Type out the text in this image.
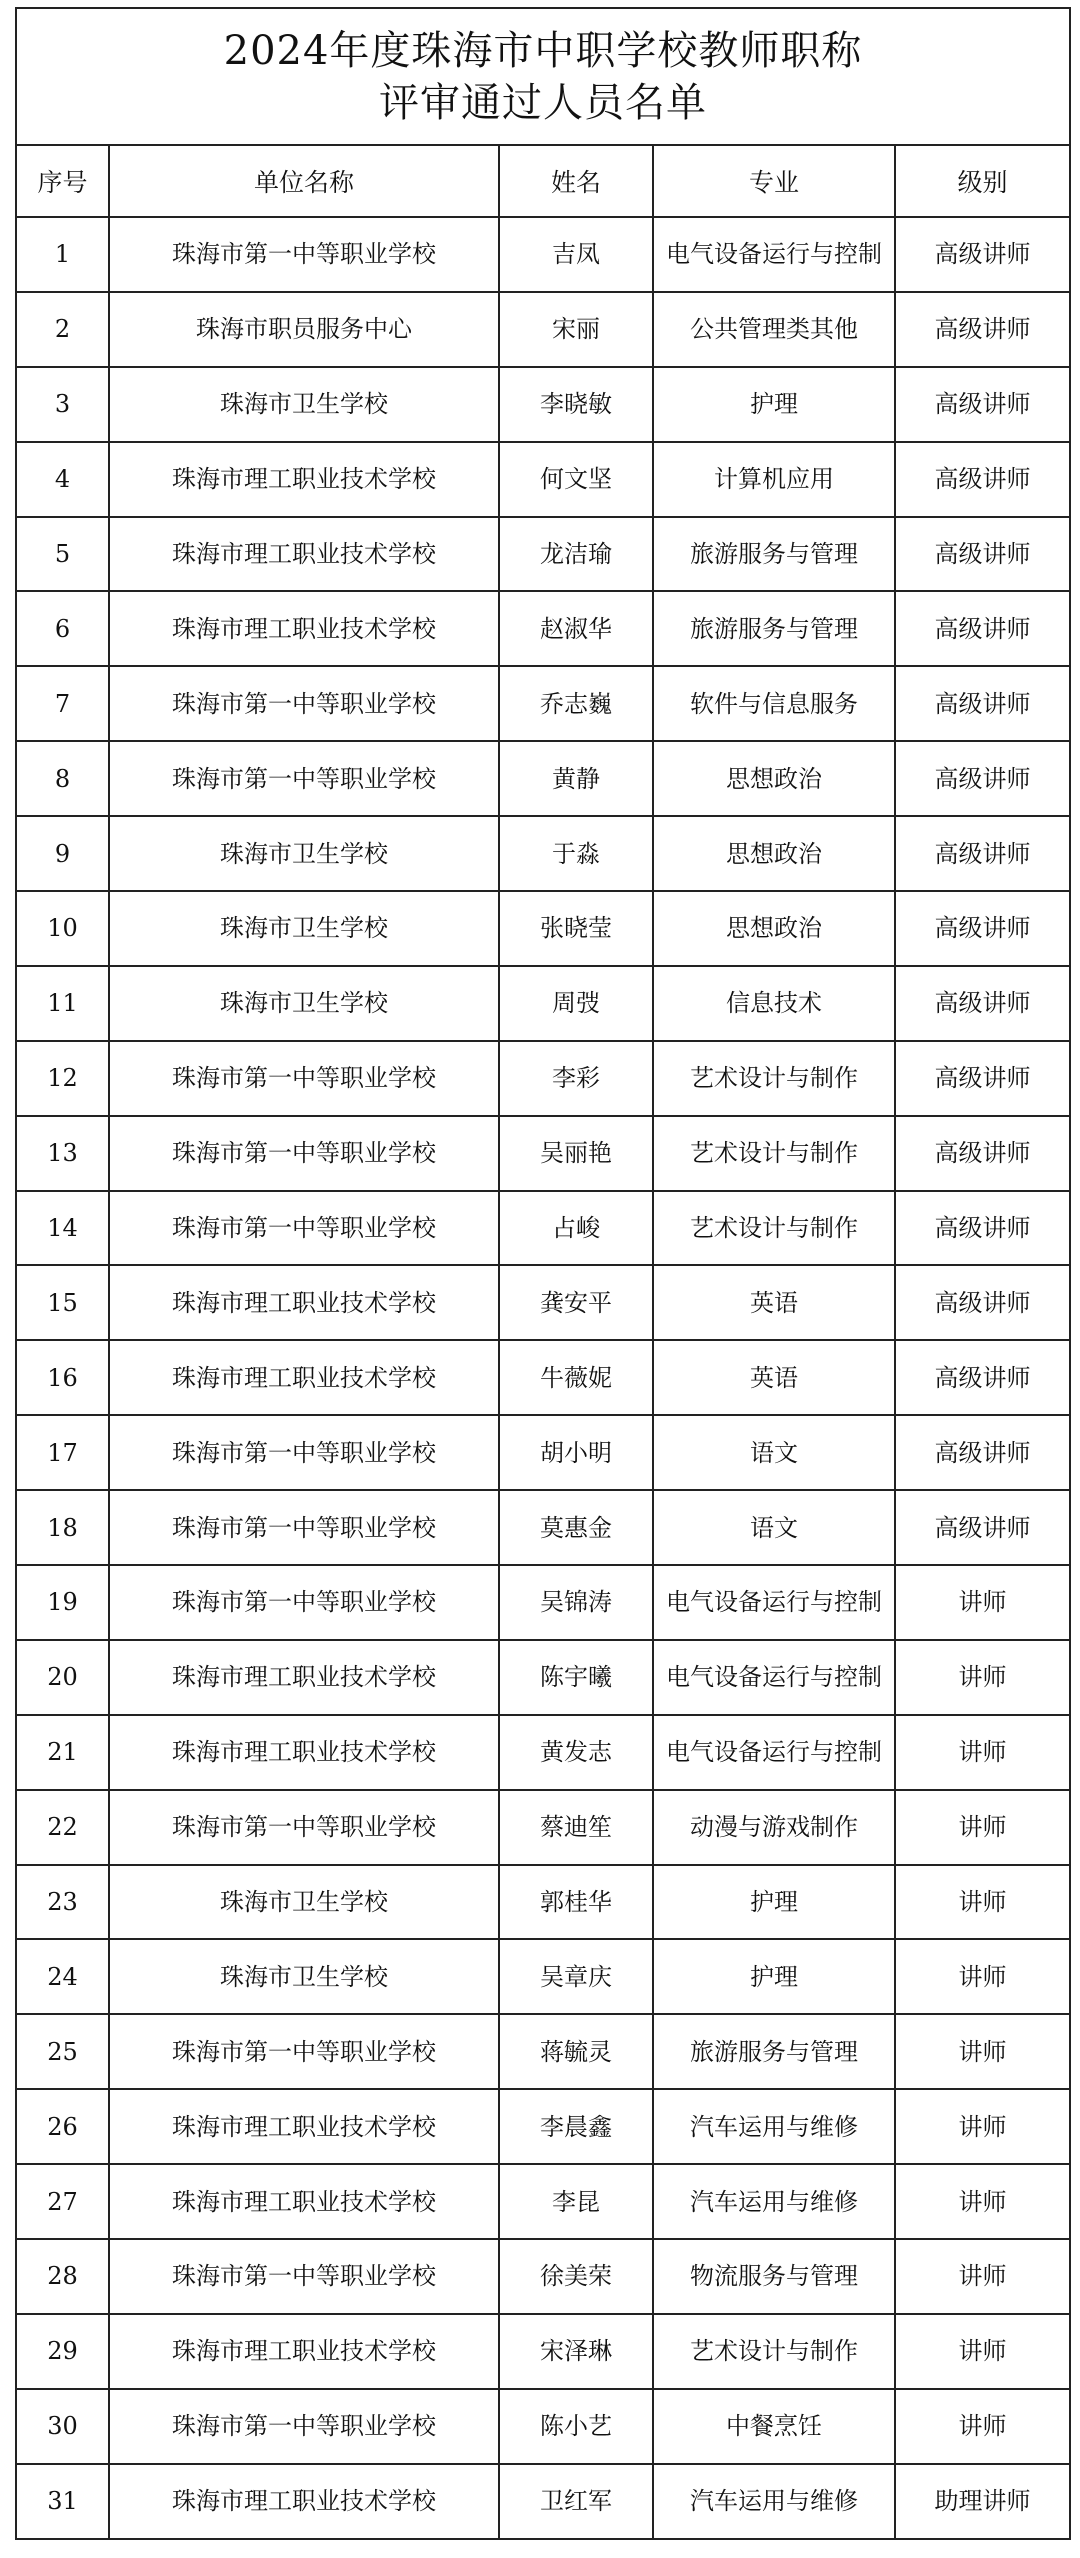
2024年度珠海市中职学校教师职称
评审通过人员名单				

序号	单位名称	姓名	专业	级别
1	珠海市第一中等职业学校	吉凤	电气设备运行与控制	高级讲师
2	珠海市职员服务中心	宋丽	公共管理类其他	高级讲师
3	珠海市卫生学校	李晓敏	护理	高级讲师
4	珠海市理工职业技术学校	何文坚	计算机应用	高级讲师
5	珠海市理工职业技术学校	龙洁瑜	旅游服务与管理	高级讲师
6	珠海市理工职业技术学校	赵淑华	旅游服务与管理	高级讲师
7	珠海市第一中等职业学校	乔志巍	软件与信息服务	高级讲师
8	珠海市第一中等职业学校	黄静	思想政治	高级讲师
9	珠海市卫生学校	于淼	思想政治	高级讲师
10	珠海市卫生学校	张晓莹	思想政治	高级讲师
11	珠海市卫生学校	周弢	信息技术	高级讲师
12	珠海市第一中等职业学校	李彩	艺术设计与制作	高级讲师
13	珠海市第一中等职业学校	吴丽艳	艺术设计与制作	高级讲师
14	珠海市第一中等职业学校	占峻	艺术设计与制作	高级讲师
15	珠海市理工职业技术学校	龚安平	英语	高级讲师
16	珠海市理工职业技术学校	牛薇妮	英语	高级讲师
17	珠海市第一中等职业学校	胡小明	语文	高级讲师
18	珠海市第一中等职业学校	莫惠金	语文	高级讲师
19	珠海市第一中等职业学校	吴锦涛	电气设备运行与控制	讲师
20	珠海市理工职业技术学校	陈宇曦	电气设备运行与控制	讲师
21	珠海市理工职业技术学校	黄发志	电气设备运行与控制	讲师
22	珠海市第一中等职业学校	蔡迪笙	动漫与游戏制作	讲师
23	珠海市卫生学校	郭桂华	护理	讲师
24	珠海市卫生学校	吴章庆	护理	讲师
25	珠海市第一中等职业学校	蒋毓灵	旅游服务与管理	讲师
26	珠海市理工职业技术学校	李晨鑫	汽车运用与维修	讲师
27	珠海市理工职业技术学校	李昆	汽车运用与维修	讲师
28	珠海市第一中等职业学校	徐美荣	物流服务与管理	讲师
29	珠海市理工职业技术学校	宋泽琳	艺术设计与制作	讲师
30	珠海市第一中等职业学校	陈小艺	中餐烹饪	讲师
31	珠海市理工职业技术学校	卫红军	汽车运用与维修	助理讲师
